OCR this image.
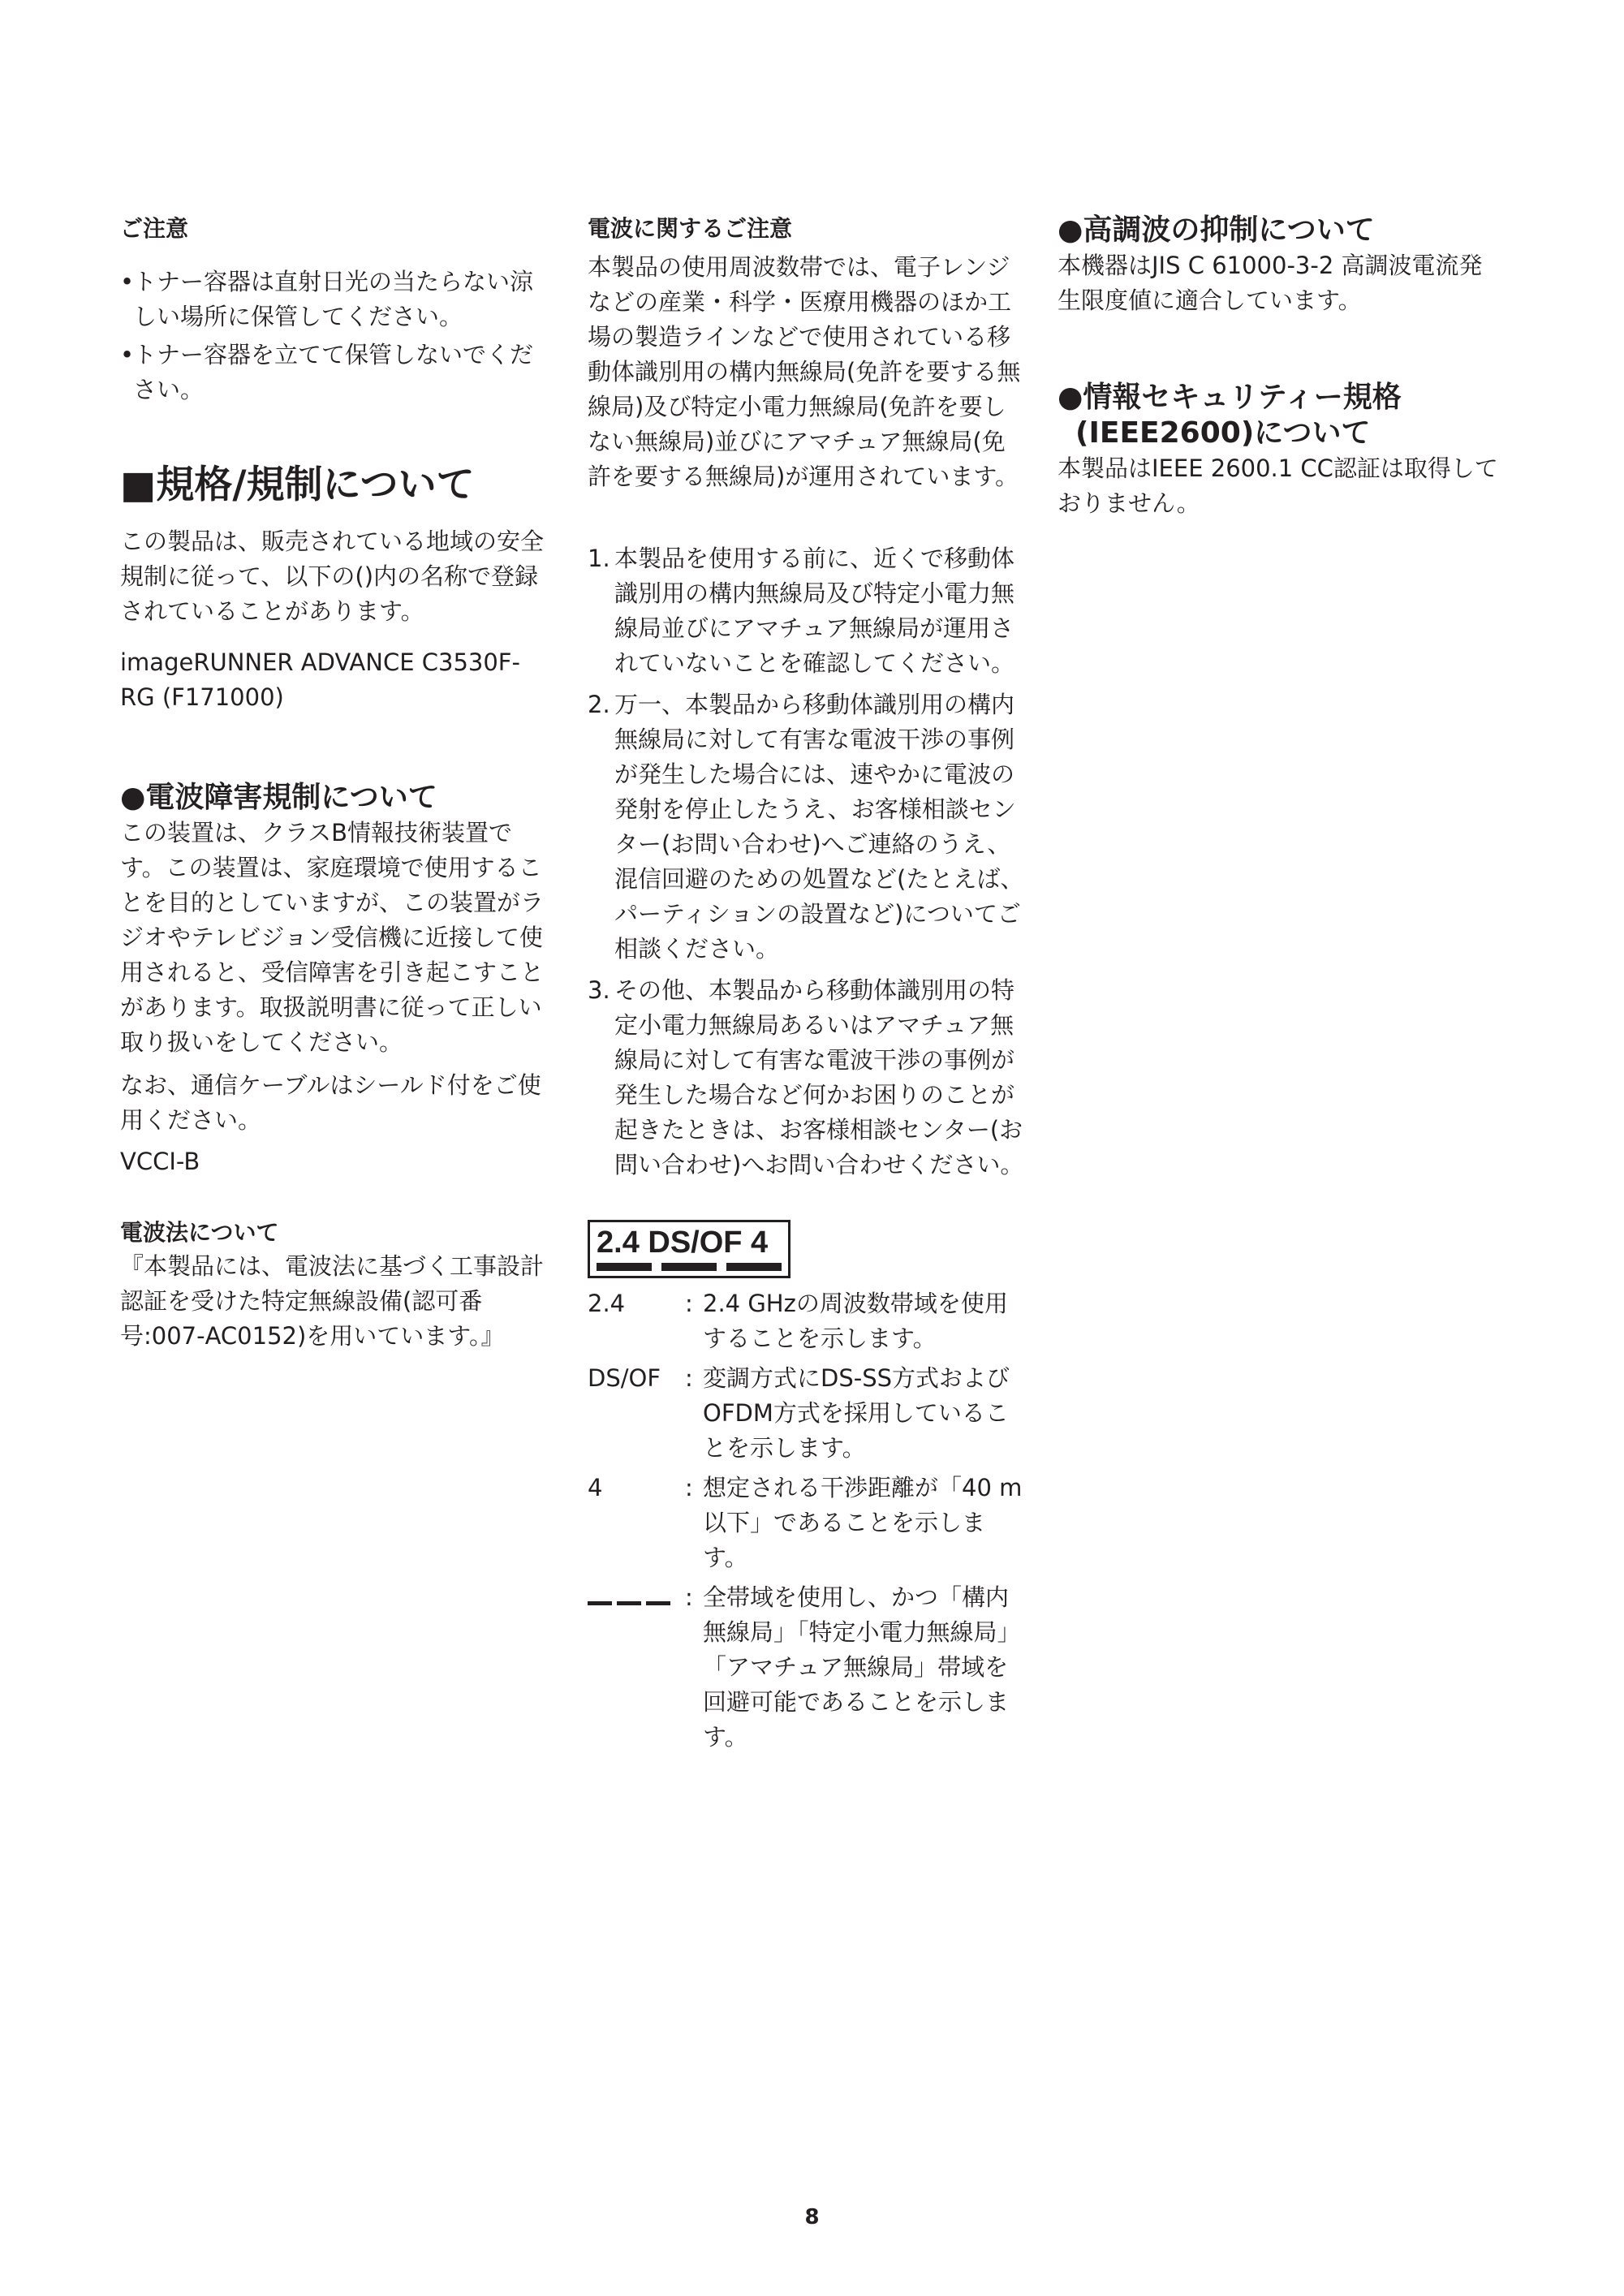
ご注意
•
トナー容器は直射日光の当たらない涼しい場所に保管してください。
•
トナー容器を立てて保管しないでください。
■規格/規制について

この製品は、販売されている地域の安全規制に従って、以下の()内の名称で登録されていることがあります。

imageRUNNER ADVANCE C3530F-RG (F171000)

●電波障害規制について

この装置は、クラスB情報技術装置です。この装置は、家庭環境で使用することを目的としていますが、この装置がラジオやテレビジョン受信機に近接して使用されると、受信障害を引き起こすことがあります。取扱説明書に従って正しい取り扱いをしてください。

なお、通信ケーブルはシールド付をご使用ください。

VCCI-B

電波法について

『本製品には、電波法に基づく工事設計認証を受けた特定無線設備(認可番号:007-AC0152)を用いています。』

電波に関するご注意

本製品の使用周波数帯では、電子レンジなどの産業・科学・医療用機器のほか工場の製造ラインなどで使用されている移動体識別用の構内無線局(免許を要する無線局)及び特定小電力無線局(免許を要しない無線局)並びにアマチュア無線局(免許を要する無線局)が運用されています。

1. 本製品を使用する前に、近くで移動体識別用の構内無線局及び特定小電力無線局並びにアマチュア無線局が運用されていないことを確認してください。
2. 万一、本製品から移動体識別用の構内無線局に対して有害な電波干渉の事例が発生した場合には、速やかに電波の発射を停止したうえ、お客様相談センター(お問い合わせ)へご連絡のうえ、混信回避のための処置など(たとえば、パーティションの設置など)についてご相談ください。
3. その他、本製品から移動体識別用の特定小電力無線局あるいはアマチュア無線局に対して有害な電波干渉の事例が発生した場合など何かお困りのことが起きたときは、お客様相談センター(お問い合わせ)へお問い合わせください。
2.4 DS/OF 4
2.4	: 2.4 GHzの周波数帯域を使用することを示します。
DS/OF	: 変調方式にDS-SS方式およびOFDM方式を採用していることを示します。
4	: 想定される干渉距離が「40 m以下」であることを示します。
: 全帯域を使用し、かつ「構内無線局」「特定小電力無線局」「アマチュア無線局」帯域を回避可能であることを示します。
●高調波の抑制について

本機器はJIS C 61000-3-2 高調波電流発生限度値に適合しています。

●情報セキュリティー規格
(IEEE2600)について

本製品はIEEE 2600.1 CC認証は取得しておりません。

8
